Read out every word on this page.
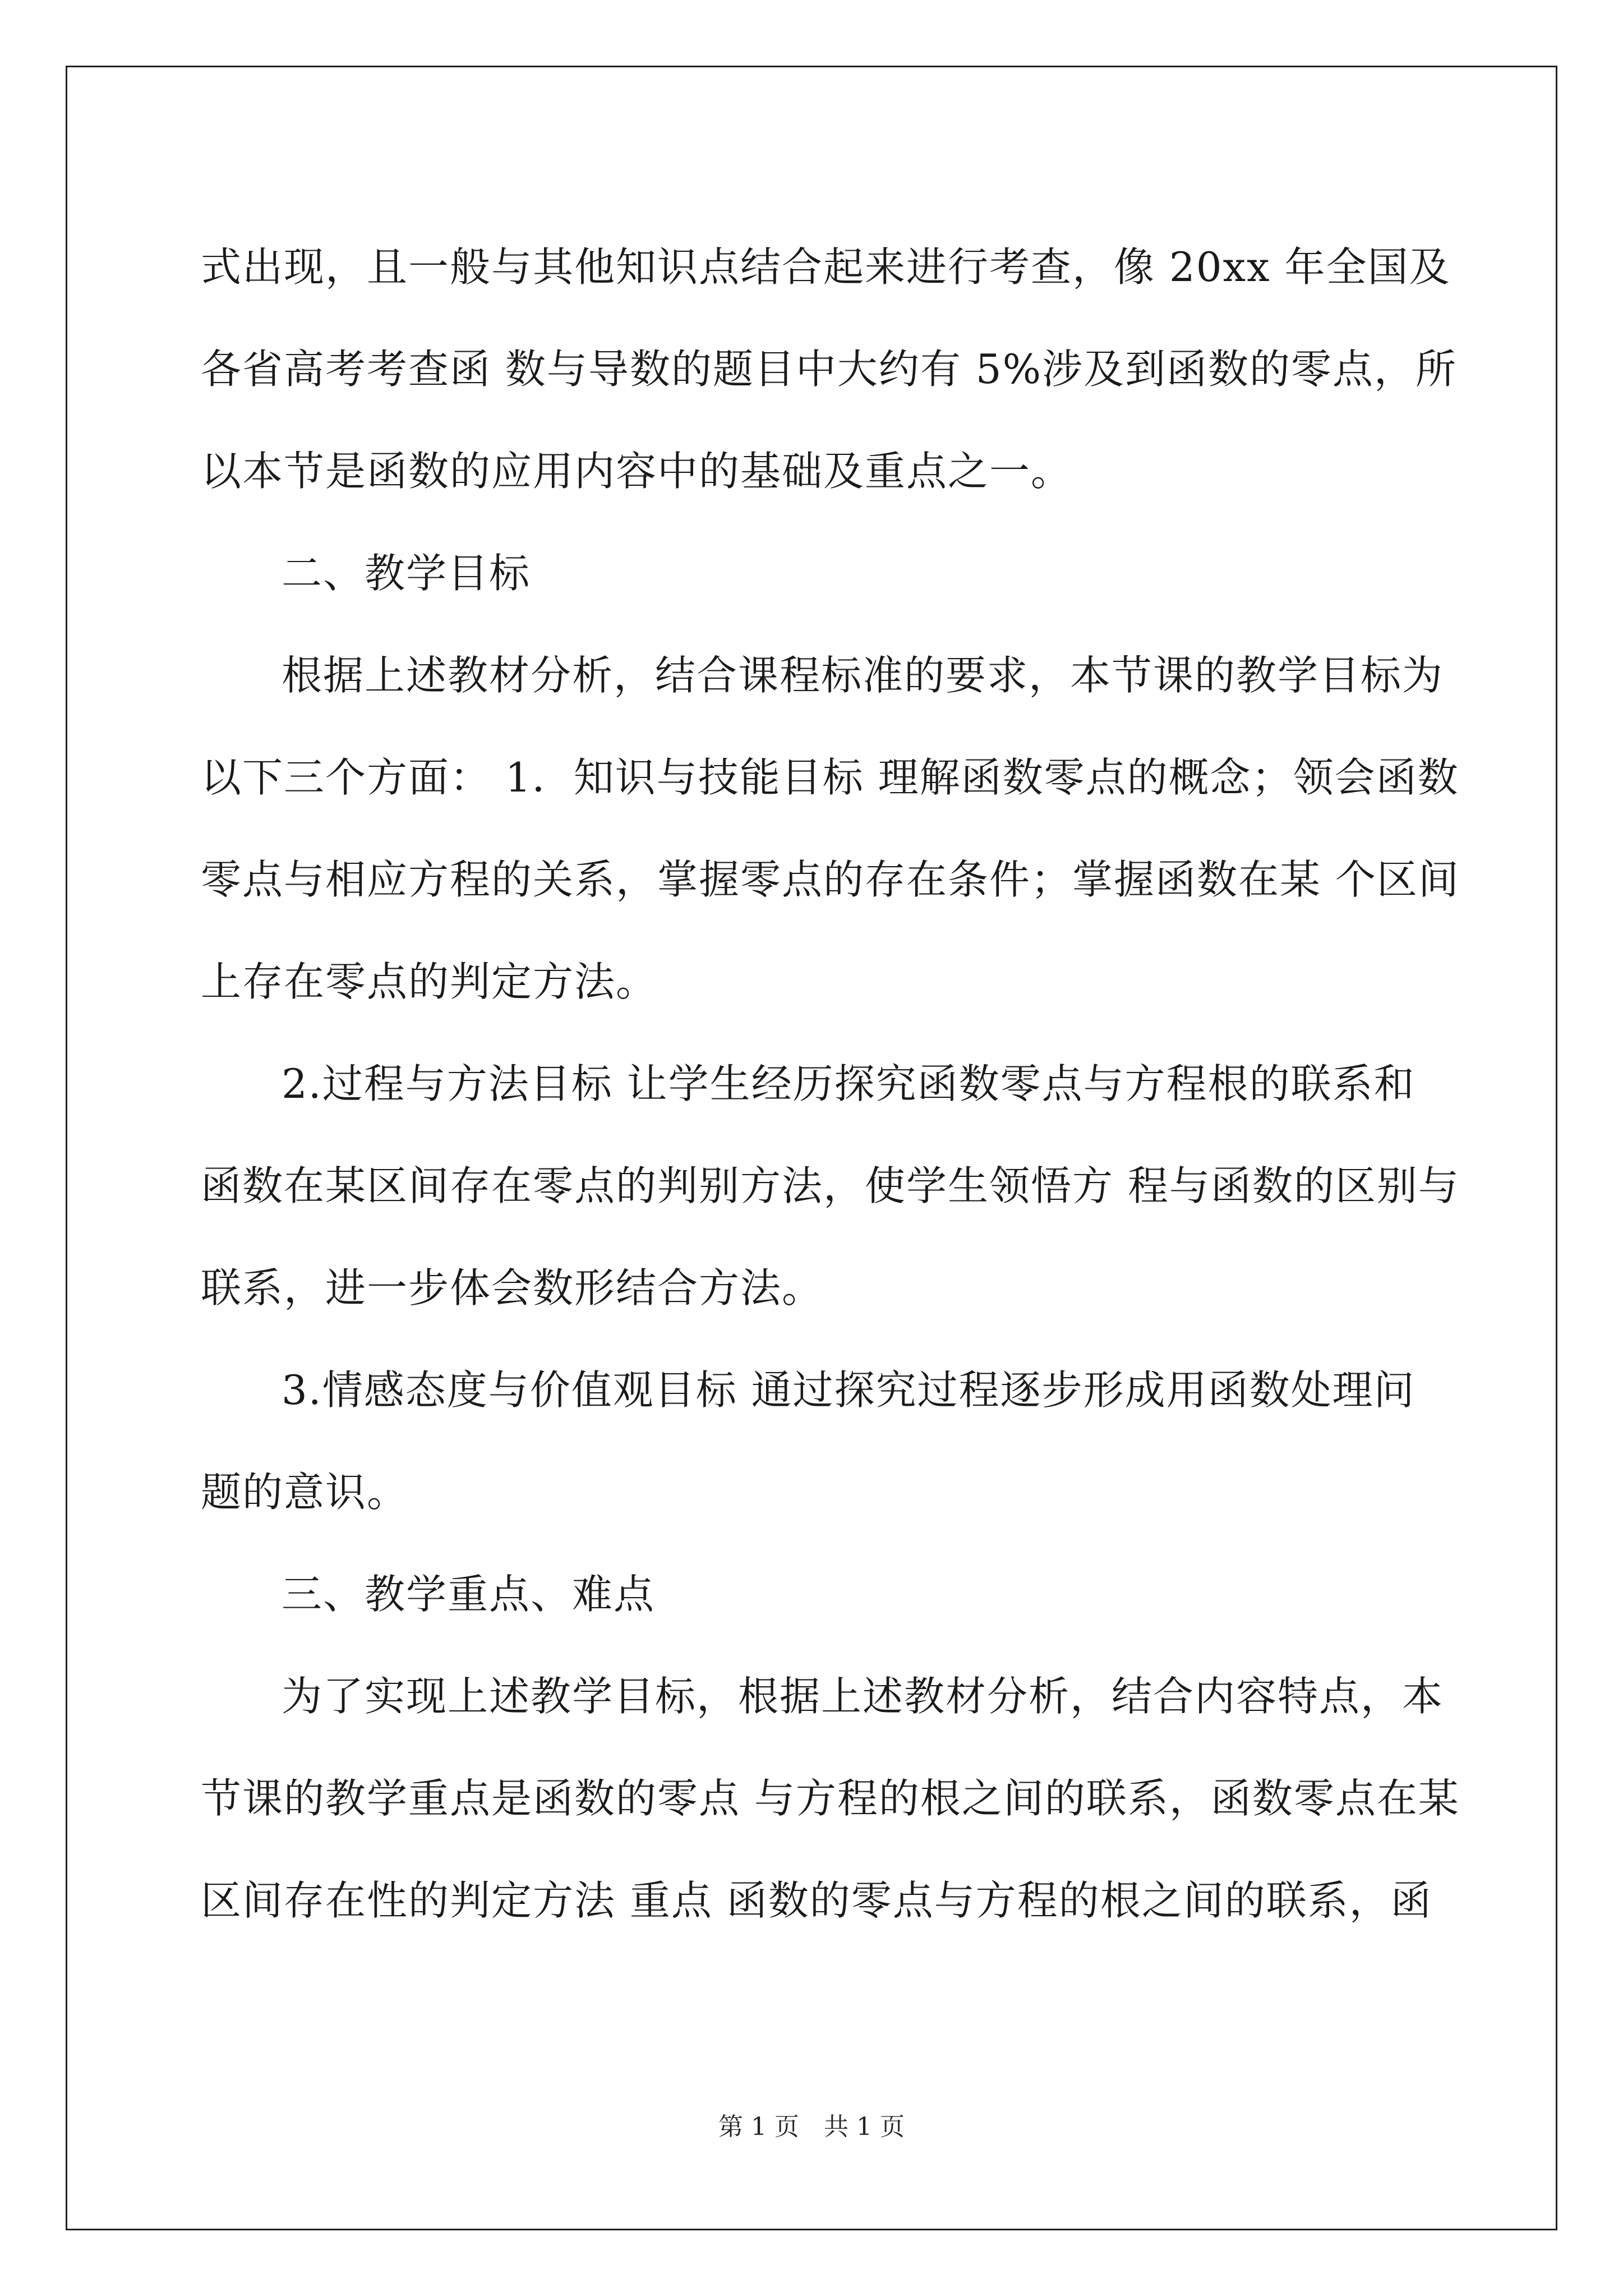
式出现，且一般与其他知识点结合起来进行考查，像 20xx 年全国及
各省高考考查函 数与导数的题目中大约有 5%涉及到函数的零点，所
以本节是函数的应用内容中的基础及重点之一。

二、教学目标

根据上述教材分析，结合课程标准的要求，本节课的教学目标为
以下三个方面： 1．知识与技能目标 理解函数零点的概念；领会函数
零点与相应方程的关系，掌握零点的存在条件；掌握函数在某 个区间
上存在零点的判定方法。

2.过程与方法目标 让学生经历探究函数零点与方程根的联系和
函数在某区间存在零点的判别方法，使学生领悟方 程与函数的区别与
联系，进一步体会数形结合方法。

3.情感态度与价值观目标 通过探究过程逐步形成用函数处理问
题的意识。

三、教学重点、难点

为了实现上述教学目标，根据上述教材分析，结合内容特点，本
节课的教学重点是函数的零点 与方程的根之间的联系，函数零点在某
区间存在性的判定方法 重点 函数的零点与方程的根之间的联系，函

第 1 页　共 1 页
